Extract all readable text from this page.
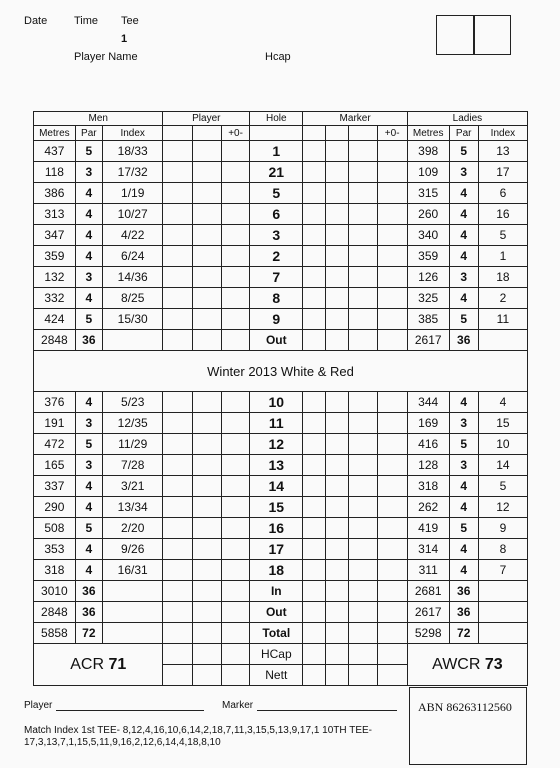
Date Time Tee
1
Player Name	Hcap
Men			Player			Hole	Marker				Ladies		
Metres	Par	Index			+0-					+0-	Metres	Par	Index
437	5	18/33				1					398	5	13
118	3	17/32				21					109	3	17
386	4	1/19				5					315	4	6
313	4	10/27				6					260	4	16
347	4	4/22				3					340	4	5
359	4	6/24				2					359	4	1
132	3	14/36				7					126	3	18
332	4	8/25				8					325	4	2
424	5	15/30				9					385	5	11
2848	36					Out					2617	36	
Winter 2013 White & Red													
376	4	5/23				10					344	4	4
191	3	12/35				11					169	3	15
472	5	11/29				12					416	5	10
165	3	7/28				13					128	3	14
337	4	3/21				14					318	4	5
290	4	13/34				15					262	4	12
508	5	2/20				16					419	5	9
353	4	9/26				17					314	4	8
318	4	16/31				18					311	4	7
3010	36					In					2681	36	
2848	36					Out					2617	36	
5858	72					Total					5298	72	
ACR 71						HCap					AWCR 73		
						Nett							
Player	Marker	ABN 86263112560
Match Index 1st TEE- 8,12,4,16,10,6,14,2,18,7,11,3,15,5,13,9,17,1 10TH TEE-
17,3,13,7,1,15,5,11,9,16,2,12,6,14,4,18,8,10
